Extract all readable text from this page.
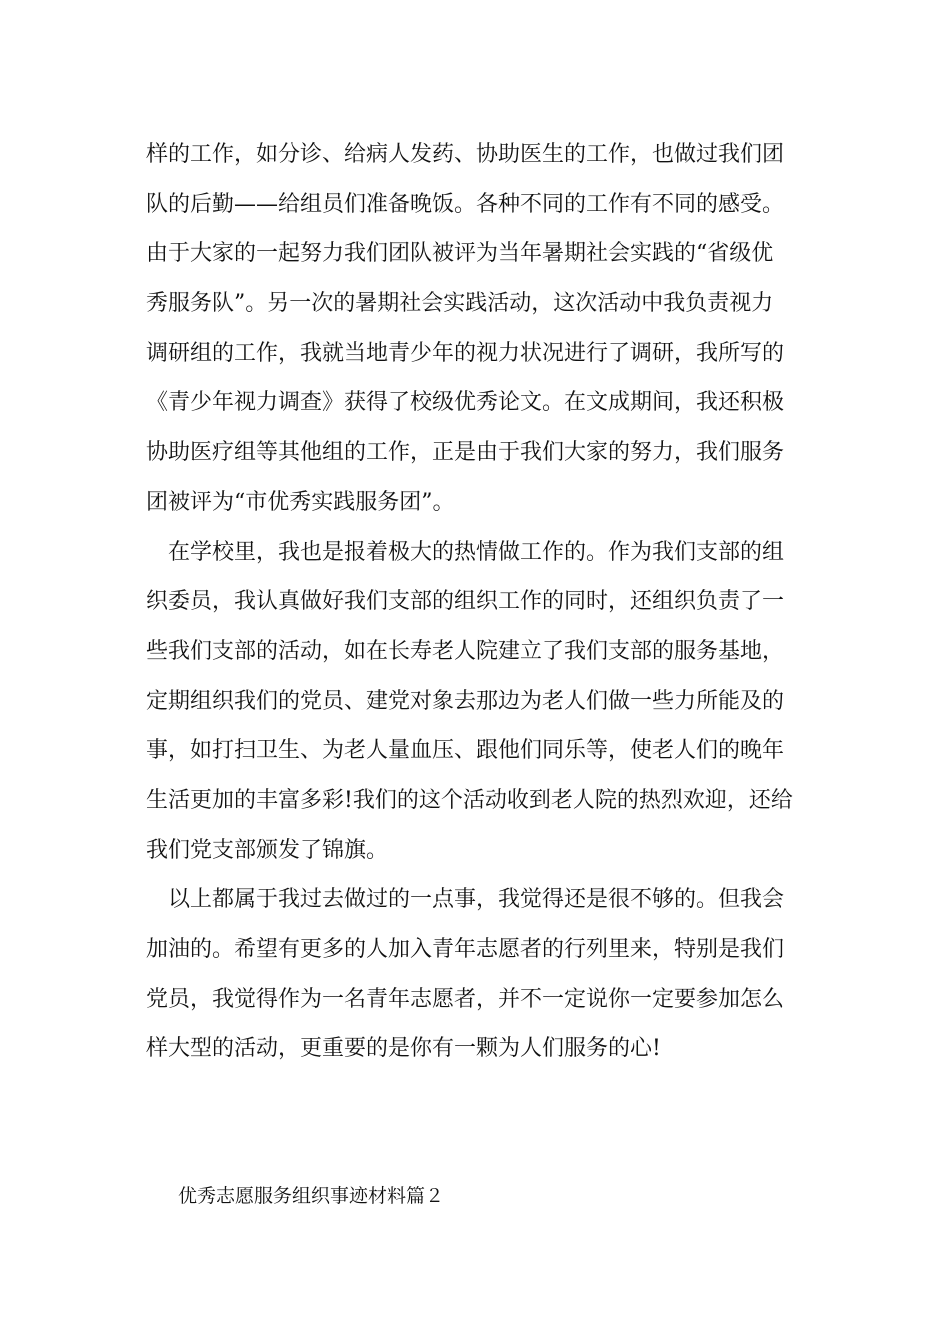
样的工作，如分诊、给病人发药、协助医生的工作，也做过我们团
队的后勤——给组员们准备晚饭。各种不同的工作有不同的感受。
由于大家的一起努力我们团队被评为当年暑期社会实践的“省级优
秀服务队”。另一次的暑期社会实践活动，这次活动中我负责视力
调研组的工作，我就当地青少年的视力状况进行了调研，我所写的
《青少年视力调查》获得了校级优秀论文。在文成期间，我还积极
协助医疗组等其他组的工作，正是由于我们大家的努力，我们服务
团被评为“市优秀实践服务团”。
　在学校里，我也是报着极大的热情做工作的。作为我们支部的组
织委员，我认真做好我们支部的组织工作的同时，还组织负责了一
些我们支部的活动，如在长寿老人院建立了我们支部的服务基地，
定期组织我们的党员、建党对象去那边为老人们做一些力所能及的
事，如打扫卫生、为老人量血压、跟他们同乐等，使老人们的晚年
生活更加的丰富多彩!我们的这个活动收到老人院的热烈欢迎，还给
我们党支部颁发了锦旗。
　以上都属于我过去做过的一点事，我觉得还是很不够的。但我会
加油的。希望有更多的人加入青年志愿者的行列里来，特别是我们
党员，我觉得作为一名青年志愿者，并不一定说你一定要参加怎么
样大型的活动，更重要的是你有一颗为人们服务的心!
优秀志愿服务组织事迹材料篇２
